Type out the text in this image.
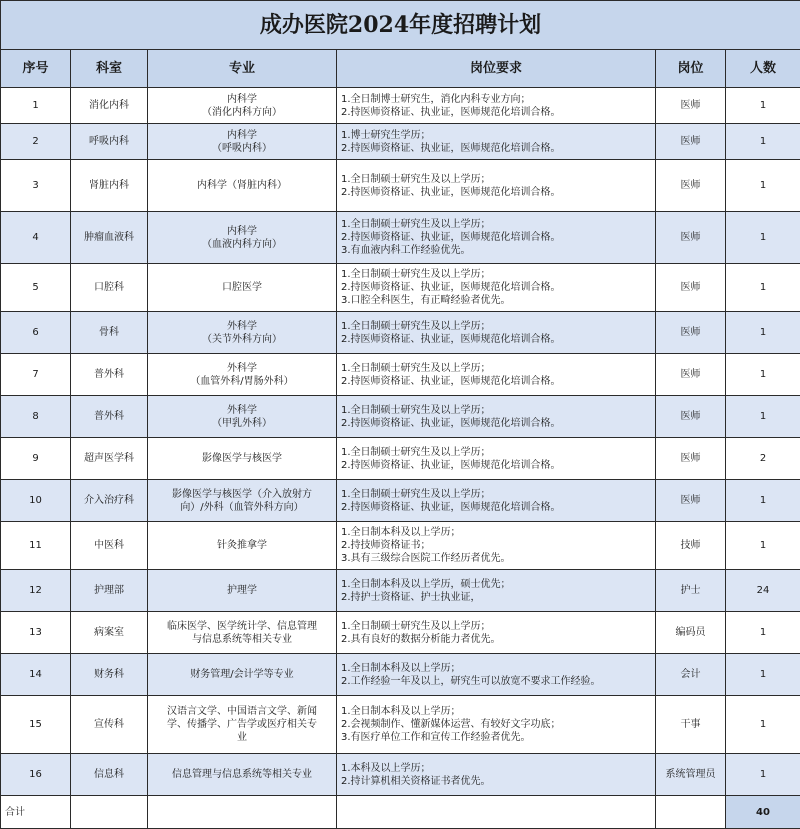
成办医院2024年度招聘计划					
序号	科室	专业	岗位要求	岗位	人数
1	消化内科	内科学
（消化内科方向）	1.全日制博士研究生，消化内科专业方向；
2.持医师资格证、执业证，医师规范化培训合格。	医师	1
2	呼吸内科	内科学
（呼吸内科）	1.博士研究生学历；
2.持医师资格证、执业证，医师规范化培训合格。	医师	1
3	肾脏内科	内科学（肾脏内科）	1.全日制硕士研究生及以上学历；
2.持医师资格证、执业证，医师规范化培训合格。	医师	1
4	肿瘤血液科	内科学
（血液内科方向）	1.全日制硕士研究生及以上学历；
2.持医师资格证、执业证，医师规范化培训合格。
3.有血液内科工作经验优先。	医师	1
5	口腔科	口腔医学	1.全日制硕士研究生及以上学历；
2.持医师资格证、执业证，医师规范化培训合格。
3.口腔全科医生，有正畸经验者优先。	医师	1
6	骨科	外科学
（关节外科方向）	1.全日制硕士研究生及以上学历；
2.持医师资格证、执业证，医师规范化培训合格。	医师	1
7	普外科	外科学
（血管外科/胃肠外科）	1.全日制硕士研究生及以上学历；
2.持医师资格证、执业证，医师规范化培训合格。	医师	1
8	普外科	外科学
（甲乳外科）	1.全日制硕士研究生及以上学历；
2.持医师资格证、执业证，医师规范化培训合格。	医师	1
9	超声医学科	影像医学与核医学	1.全日制硕士研究生及以上学历；
2.持医师资格证、执业证，医师规范化培训合格。	医师	2
10	介入治疗科	影像医学与核医学（介入放射方
向）/外科（血管外科方向）	1.全日制硕士研究生及以上学历；
2.持医师资格证、执业证，医师规范化培训合格。	医师	1
11	中医科	针灸推拿学	1.全日制本科及以上学历；
2.持技师资格证书；
3.具有三级综合医院工作经历者优先。	技师	1
12	护理部	护理学	1.全日制本科及以上学历，硕士优先；
2.持护士资格证、护士执业证，	护士	24
13	病案室	临床医学、医学统计学、信息管理
与信息系统等相关专业	1.全日制硕士研究生及以上学历；
2.具有良好的数据分析能力者优先。	编码员	1
14	财务科	财务管理/会计学等专业	1.全日制本科及以上学历；
2.工作经验一年及以上，研究生可以放宽不要求工作经验。	会计	1
15	宣传科	汉语言文学、中国语言文学、新闻
学、传播学、广告学或医疗相关专
业	1.全日制本科及以上学历；
2.会视频制作、懂新媒体运营、有较好文字功底；
3.有医疗单位工作和宣传工作经验者优先。	干事	1
16	信息科	信息管理与信息系统等相关专业	1.本科及以上学历；
2.持计算机相关资格证书者优先。	系统管理员	1
合计					40
